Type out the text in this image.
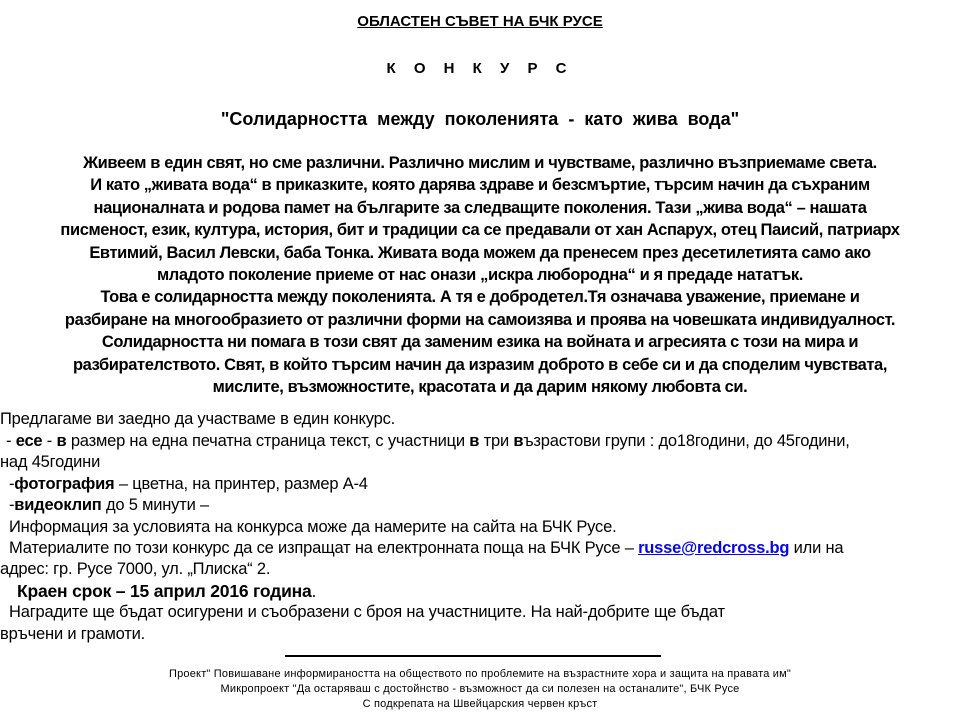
ОБЛАСТЕН СЪВЕТ НА БЧК РУСЕ
К О Н К У Р С
"Солидарността между поколенията - като жива вода"
Живеем в един свят, но сме различни. Различно мислим и чувстваме, различно възприемаме света.
И като „живата вода“ в приказките, която дарява здраве и безсмъртие, търсим начин да съхраним
националната и родова памет на българите за следващите поколения. Тази „жива вода“ – нашата
писменост, език, култура, история, бит и традиции са се предавали от хан Аспарух, отец Паисий, патриарх
Евтимий, Васил Левски, баба Тонка. Живата вода можем да пренесем през десетилетията само ако
младото поколение приеме от нас онази „искра любородна“ и я предаде нататък.
Това е солидарността между поколенията. А тя е добродетел.Тя означава уважение, приемане и
разбиране на многообразието от различни форми на самоизява и проява на човешката индивидуалност.
Солидарността ни помага в този свят да заменим езика на войната и агресията с този на мира и
разбирателството. Свят, в който търсим начин да изразим доброто в себе си и да споделим чувствата,
мислите, възможностите, красотата и да дарим някому любовта си.
Предлагаме ви заедно да участваме в един конкурс.
- есе - в размер на една печатна страница текст, с участници в три възрастови групи : до18години, до 45години,
над 45години
-фотография – цветна, на принтер, размер А-4
-видеоклип до 5 минути –
Информация за условията на конкурса може да намерите на сайта на БЧК Русе.
Материалите по този конкурс да се изпращат на електронната поща на БЧК Русе – russe@redcross.bg или на
адрес: гр. Русе 7000, ул. „Плиска“ 2.
Краен срок – 15 април 2016 година.
Наградите ще бъдат осигурени и съобразени с броя на участниците. На най-добрите ще бъдат
връчени и грамоти.
Проект" Повишаване информираността на обществото по проблемите на възрастните хора и защита на правата им"
Микропроект "Да остаряваш с достойнство - възможност да си полезен на останалите", БЧК Русе
С подкрепата на Швейцарския червен кръст
